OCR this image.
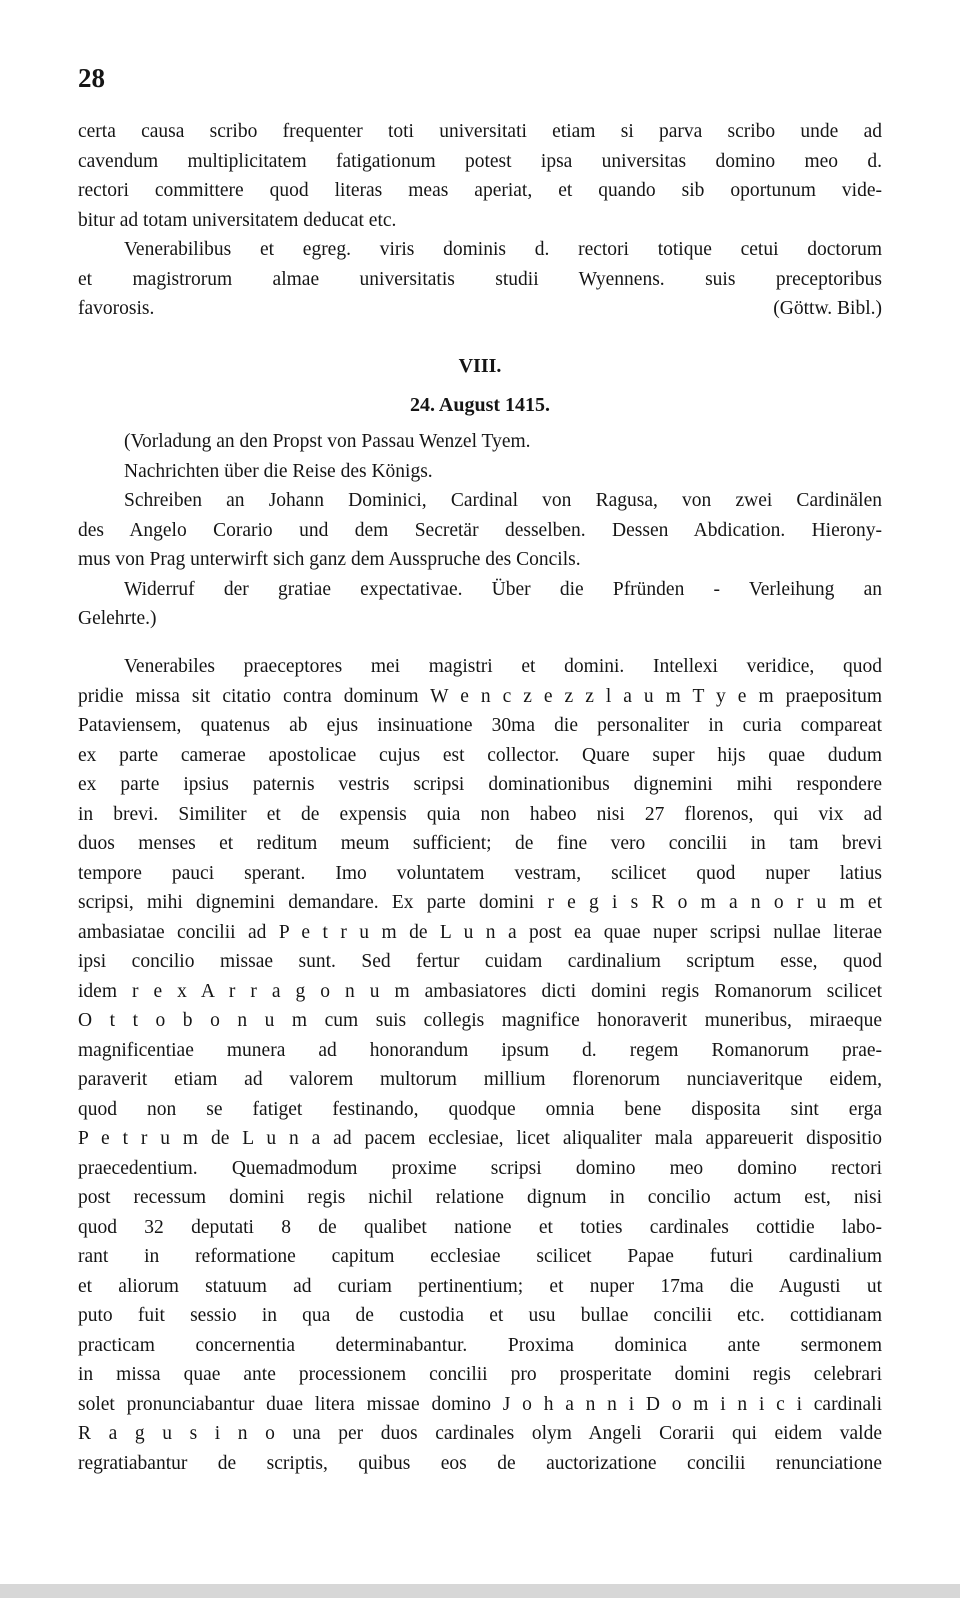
28
certa causa scribo frequenter toti universitati etiam si parva scribo unde ad
cavendum multiplicitatem fatigationum potest ipsa universitas domino meo d.
rectori committere quod literas meas aperiat, et quando sib oportunum vide-
bitur ad totam universitatem deducat etc.
Venerabilibus et egreg. viris dominis d. rectori totique cetui doctorum
et magistrorum almae universitatis studii Wyennens. suis preceptoribus
favorosis.	(Göttw. Bibl.)
VIII.
24. August 1415.
(Vorladung an den Propst von Passau Wenzel Tyem.
Nachrichten über die Reise des Königs.
Schreiben an Johann Dominici, Cardinal von Ragusa, von zwei Cardinälen
des Angelo Corario und dem Secretär desselben. Dessen Abdication. Hierony-
mus von Prag unterwirft sich ganz dem Ausspruche des Concils.
Widerruf der gratiae expectativae. Über die Pfründen - Verleihung an
Gelehrte.)
Venerabiles praeceptores mei magistri et domini. Intellexi veridice, quod
pridie missa sit citatio contra dominum W e n c z e z z l a u m T y e m praepositum
Pataviensem, quatenus ab ejus insinuatione 30ma die personaliter in curia compareat
ex parte camerae apostolicae cujus est collector. Quare super hijs quae dudum
ex parte ipsius paternis vestris scripsi dominationibus dignemini mihi respondere
in brevi. Similiter et de expensis quia non habeo nisi 27 florenos, qui vix ad
duos menses et reditum meum sufficient; de fine vero concilii in tam brevi
tempore pauci sperant. Imo voluntatem vestram, scilicet quod nuper latius
scripsi, mihi dignemini demandare. Ex parte domini r e g i s R o m a n o r u m et
ambasiatae concilii ad P e t r u m de L u n a post ea quae nuper scripsi nullae literae
ipsi concilio missae sunt. Sed fertur cuidam cardinalium scriptum esse, quod
idem r e x A r r a g o n u m ambasiatores dicti domini regis Romanorum scilicet
O t t o b o n u m cum suis collegis magnifice honoraverit muneribus, miraeque
magnificentiae munera ad honorandum ipsum d. regem Romanorum prae-
paraverit etiam ad valorem multorum millium florenorum nunciaveritque eidem,
quod non se fatiget festinando, quodque omnia bene disposita sint erga
P e t r u m de L u n a ad pacem ecclesiae, licet aliqualiter mala appareuerit dispositio
praecedentium. Quemadmodum proxime scripsi domino meo domino rectori
post recessum domini regis nichil relatione dignum in concilio actum est, nisi
quod 32 deputati 8 de qualibet natione et toties cardinales cottidie labo-
rant in reformatione capitum ecclesiae scilicet Papae futuri cardinalium
et aliorum statuum ad curiam pertinentium; et nuper 17ma die Augusti ut
puto fuit sessio in qua de custodia et usu bullae concilii etc. cottidianam
practicam concernentia determinabantur. Proxima dominica ante sermonem
in missa quae ante processionem concilii pro prosperitate domini regis celebrari
solet pronunciabantur duae litera missae domino J o h a n n i D o m i n i c i cardinali
R a g u s i n o una per duos cardinales olym Angeli Corarii qui eidem valde
regratiabantur de scriptis, quibus eos de auctorizatione concilii renunciatione
